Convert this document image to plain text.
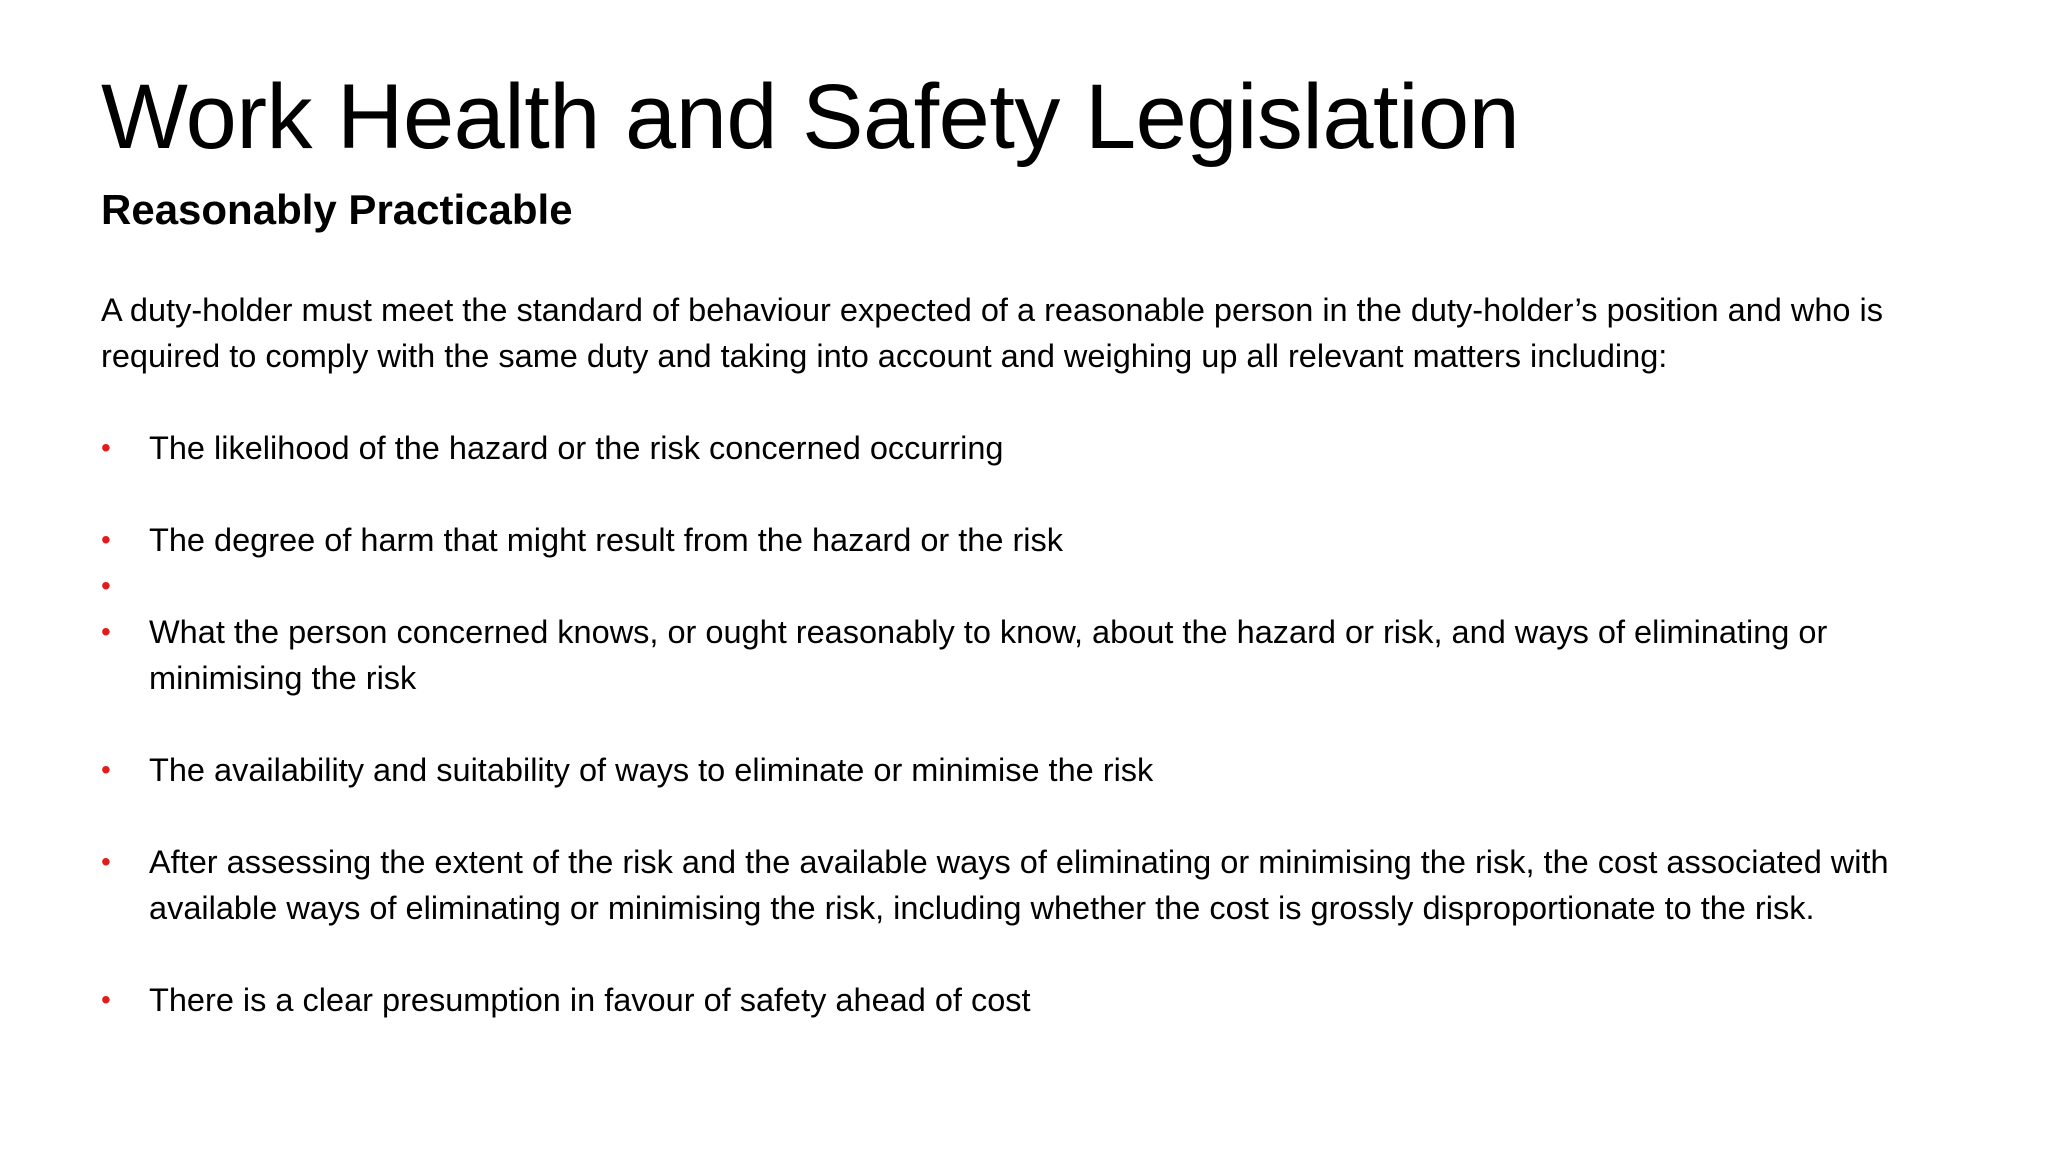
Work Health and Safety Legislation
Reasonably Practicable

A duty-holder must meet the standard of behaviour expected of a reasonable person in the duty-holder’s position and who is required to comply with the same duty and taking into account and weighing up all relevant matters including:

•	The likelihood of the hazard or the risk concerned occurring
•	The degree of harm that might result from the hazard or the risk
•
•	What the person concerned knows, or ought reasonably to know, about the hazard or risk, and ways of eliminating or minimising the risk
•	The availability and suitability of ways to eliminate or minimise the risk
•	After assessing the extent of the risk and the available ways of eliminating or minimising the risk, the cost associated with available ways of eliminating or minimising the risk, including whether the cost is grossly disproportionate to the risk.
•	There is a clear presumption in favour of safety ahead of cost
